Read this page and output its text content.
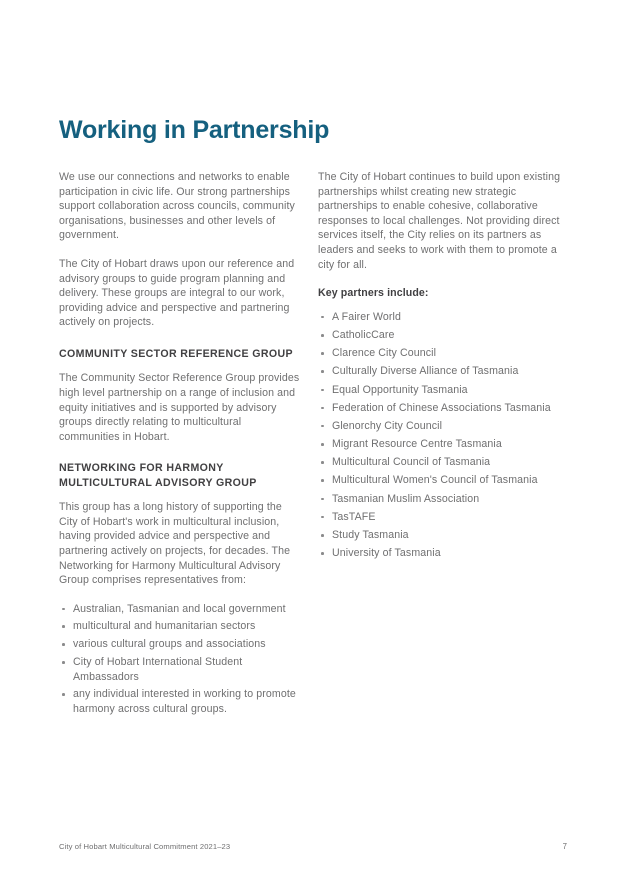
Working in Partnership

We use our connections and networks to enable participation in civic life. Our strong partnerships support collaboration across councils, community organisations, businesses and other levels of government.

The City of Hobart draws upon our reference and advisory groups to guide program planning and delivery. These groups are integral to our work, providing advice and perspective and partnering actively on projects.

COMMUNITY SECTOR REFERENCE GROUP

The Community Sector Reference Group provides high level partnership on a range of inclusion and equity initiatives and is supported by advisory groups directly relating to multicultural communities in Hobart.

NETWORKING FOR HARMONY MULTICULTURAL ADVISORY GROUP

This group has a long history of supporting the City of Hobart's work in multicultural inclusion, having provided advice and perspective and partnering actively on projects, for decades. The Networking for Harmony Multicultural Advisory Group comprises representatives from:

Australian, Tasmanian and local government
multicultural and humanitarian sectors
various cultural groups and associations
City of Hobart International Student Ambassadors
any individual interested in working to promote harmony across cultural groups.

The City of Hobart continues to build upon existing partnerships whilst creating new strategic partnerships to enable cohesive, collaborative responses to local challenges. Not providing direct services itself, the City relies on its partners as leaders and seeks to work with them to promote a city for all.

Key partners include:

A Fairer World
CatholicCare
Clarence City Council
Culturally Diverse Alliance of Tasmania
Equal Opportunity Tasmania
Federation of Chinese Associations Tasmania
Glenorchy City Council
Migrant Resource Centre Tasmania
Multicultural Council of Tasmania
Multicultural Women's Council of Tasmania
Tasmanian Muslim Association
TasTAFE
Study Tasmania
University of Tasmania
City of Hobart Multicultural Commitment 2021–23	7
